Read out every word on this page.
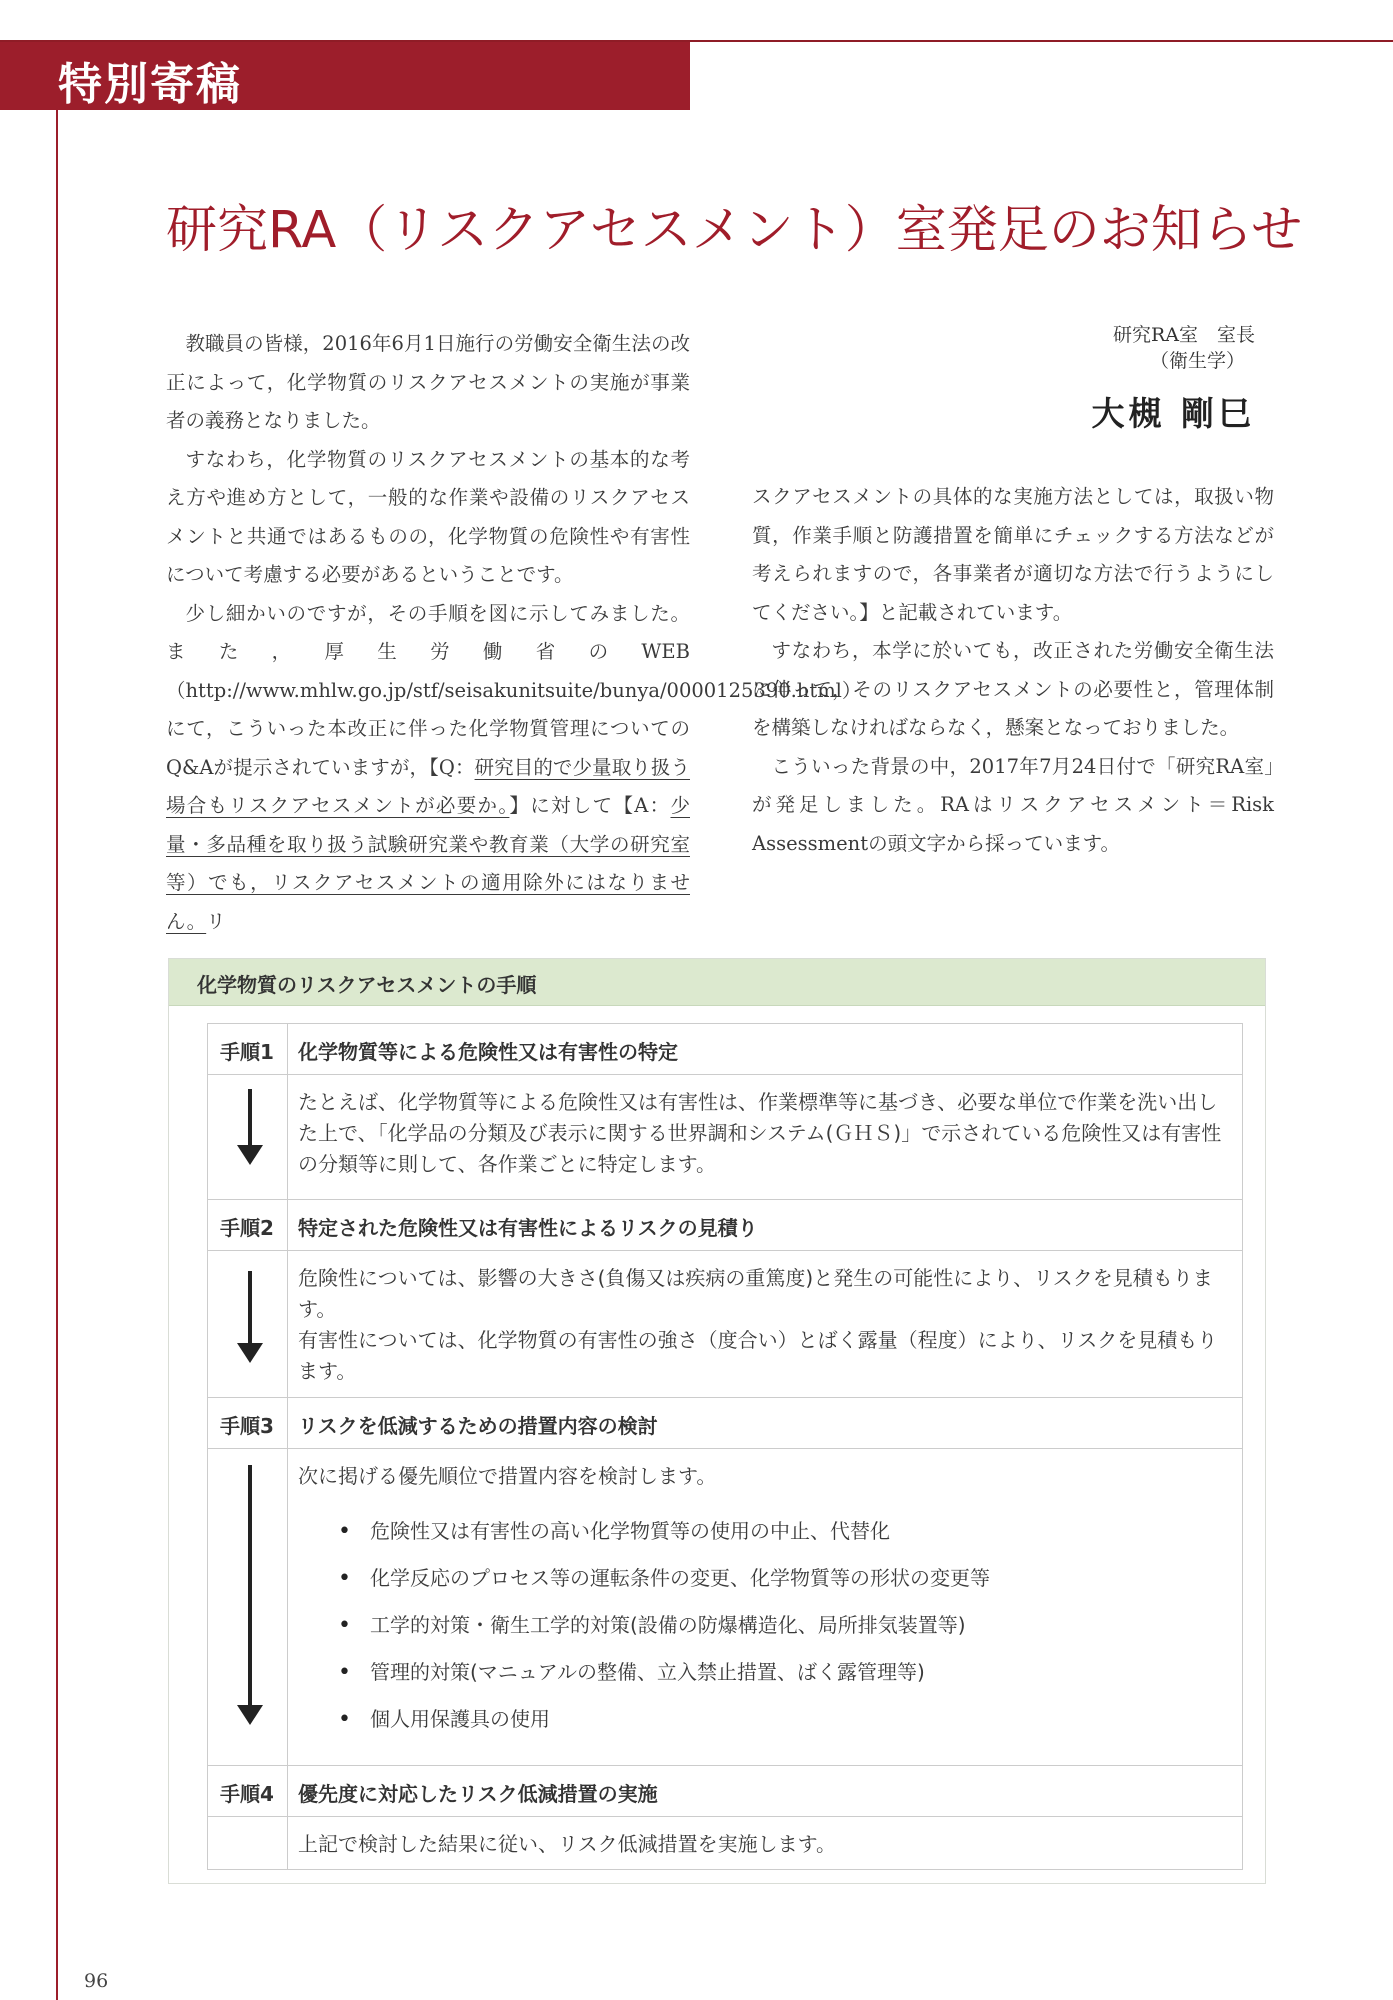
特別寄稿
研究RA（リスクアセスメント）室発足のお知らせ
研究RA室　室長
（衛生学）
大槻 剛巳

教職員の皆様，2016年6月1日施行の労働安全衛生法の改正によって，化学物質のリスクアセスメントの実施が事業者の義務となりました。

すなわち，化学物質のリスクアセスメントの基本的な考え方や進め方として，一般的な作業や設備のリスクアセスメントと共通ではあるものの，化学物質の危険性や有害性について考慮する必要があるということです。

少し細かいのですが，その手順を図に示してみました。また，厚生労働省のWEB（http://www.mhlw.go.jp/stf/seisakunitsuite/bunya/0000125390.html）にて，こういった本改正に伴った化学物質管理についてのQ&Aが提示されていますが，【Q：研究目的で少量取り扱う場合もリスクアセスメントが必要か。】に対して【A：少量・多品種を取り扱う試験研究業や教育業（大学の研究室等）でも，リスクアセスメントの適用除外にはなりません。リ

スクアセスメントの具体的な実施方法としては，取扱い物質，作業手順と防護措置を簡単にチェックする方法などが考えられますので，各事業者が適切な方法で行うようにしてください。】と記載されています。

すなわち，本学に於いても，改正された労働安全衛生法に伴って，そのリスクアセスメントの必要性と，管理体制を構築しなければならなく，懸案となっておりました。

こういった背景の中，2017年7月24日付で「研究RA室」が発足しました。RAはリスクアセスメント＝Risk Assessmentの頭文字から採っています。

化学物質のリスクアセスメントの手順
手順1	化学物質等による危険性又は有害性の特定
たとえば、化学物質等による危険性又は有害性は、作業標準等に基づき、必要な単位で作業を洗い出した上で、「化学品の分類及び表示に関する世界調和システム(ＧＨＳ)」で示されている危険性又は有害性の分類等に則して、各作業ごとに特定します。
手順2	特定された危険性又は有害性によるリスクの見積り
危険性については、影響の大きさ(負傷又は疾病の重篤度)と発生の可能性により、リスクを見積もります。
有害性については、化学物質の有害性の強さ（度合い）とばく露量（程度）により、リスクを見積もります。
手順3	リスクを低減するための措置内容の検討
次に掲げる優先順位で措置内容を検討します。
• 危険性又は有害性の高い化学物質等の使用の中止、代替化
• 化学反応のプロセス等の運転条件の変更、化学物質等の形状の変更等
• 工学的対策・衛生工学的対策(設備の防爆構造化、局所排気装置等)
• 管理的対策(マニュアルの整備、立入禁止措置、ばく露管理等)
• 個人用保護具の使用
手順4	優先度に対応したリスク低減措置の実施
上記で検討した結果に従い、リスク低減措置を実施します。
96
